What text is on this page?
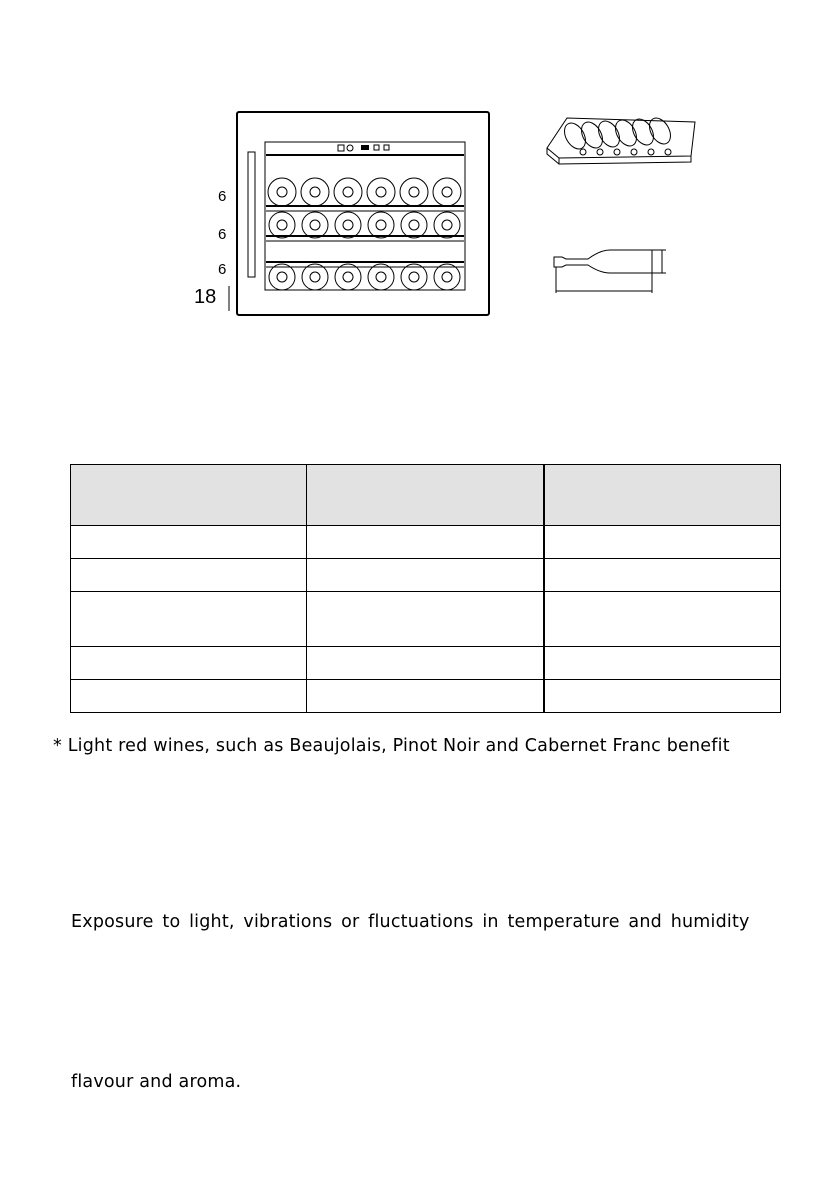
6
6
6
18

* Light red wines, such as Beaujolais, Pinot Noir and Cabernet Franc benefit
Exposure to light, vibrations or fluctuations in temperature and humidity
flavour and aroma.
